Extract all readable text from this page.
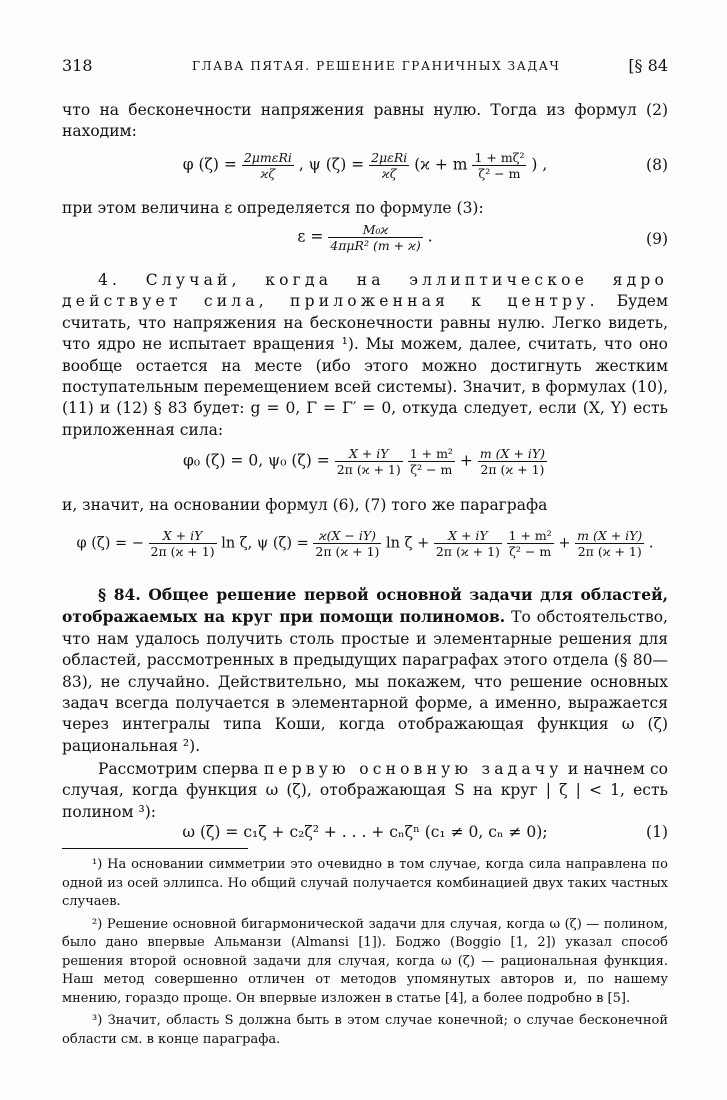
318	ГЛАВА ПЯТАЯ. РЕШЕНИЕ ГРАНИЧНЫХ ЗАДАЧ	[§ 84

что на бесконечности напряжения равны нулю. Тогда из формул (2) находим:

φ $(\zeta) = \frac{\text{2μmεRi}}{ϰ\zeta}$ , ψ $(\zeta) = \frac{\text{2μεRi}}{ϰ\zeta} (ϰ + m \frac{\text{1 + mζ²}}{\text{ζ² − m}}$ ) ,	(8)

при этом величина ε определяется по формуле (3):

$\varepsilon = \frac{\text{M₀ϰ}}{\text{4πμR² (m + ϰ)}}$ .	(9)

4. Случай, когда на эллиптическое ядро действует сила, приложенная к центру. Будем считать, что напряжения на бесконечности равны нулю. Легко видеть, что ядро не испытает вращения ¹). Мы можем, далее, считать, что оно вообще остается на месте (ибо этого можно достигнуть жестким поступательным перемещением всей системы). Значит, в формулах (10), (11) и (12) § 83 будет: g = 0, Γ = Γ′ = 0, откуда следует, если (X, Y) есть приложенная сила:

φ₀ (ζ) = 0, ψ₀ $(\zeta) = \frac{X + iY}{2\pi (ϰ + 1)}$
$\frac{\text{1 + m²}}{\text{ζ² − m}} + \frac{m (X + iY)}{2\pi (ϰ + 1)}$

и, значит, на основании формул (6), (7) того же параграфа

φ (ζ) = − $\frac{X + iY}{2\pi (ϰ + 1)}$ ln ζ, ψ $(\zeta) = \frac{ϰ(X - iY)}{2\pi (ϰ + 1)}$ $\ln \zeta + \frac{X + iY}{2\pi (ϰ + 1)}$
$\frac{\text{1 + m²}}{\text{ζ² − m}} + \frac{m (X + iY)}{2\pi (ϰ + 1)}$ .

§ 84. Общее решение первой основной задачи для областей, отображаемых на круг при помощи полиномов. То обстоятельство, что нам удалось получить столь простые и элементарные решения для областей, рассмотренных в предыдущих параграфах этого отдела (§ 80—83), не случайно. Действительно, мы покажем, что решение основных задач всегда получается в элементарной форме, а именно, выражается через интегралы типа Коши, когда отображающая функция ω (ζ) рациональная ²).

Рассмотрим сперва первую основную задачу и начнем со случая, когда функция ω (ζ), отображающая S на круг | ζ | < 1, есть полином ³):

ω (ζ) = c₁ζ + c₂ζ² + . . . + cₙζⁿ (c₁ ≠ 0, cₙ ≠ 0);	(1)

¹) На основании симметрии это очевидно в том случае, когда сила направлена по одной из осей эллипса. Но общий случай получается комбинацией двух таких частных случаев.

²) Решение основной бигармонической задачи для случая, когда ω (ζ) — полином, было дано впервые Альманзи (Almansi [1]). Боджо (Boggio [1, 2]) указал способ решения второй основной задачи для случая, когда ω (ζ) — рациональная функция. Наш метод совершенно отличен от методов упомянутых авторов и, по нашему мнению, гораздо проще. Он впервые изложен в статье [4], а более подробно в [5].

³) Значит, область S должна быть в этом случае конечной; о случае бесконечной области см. в конце параграфа.
